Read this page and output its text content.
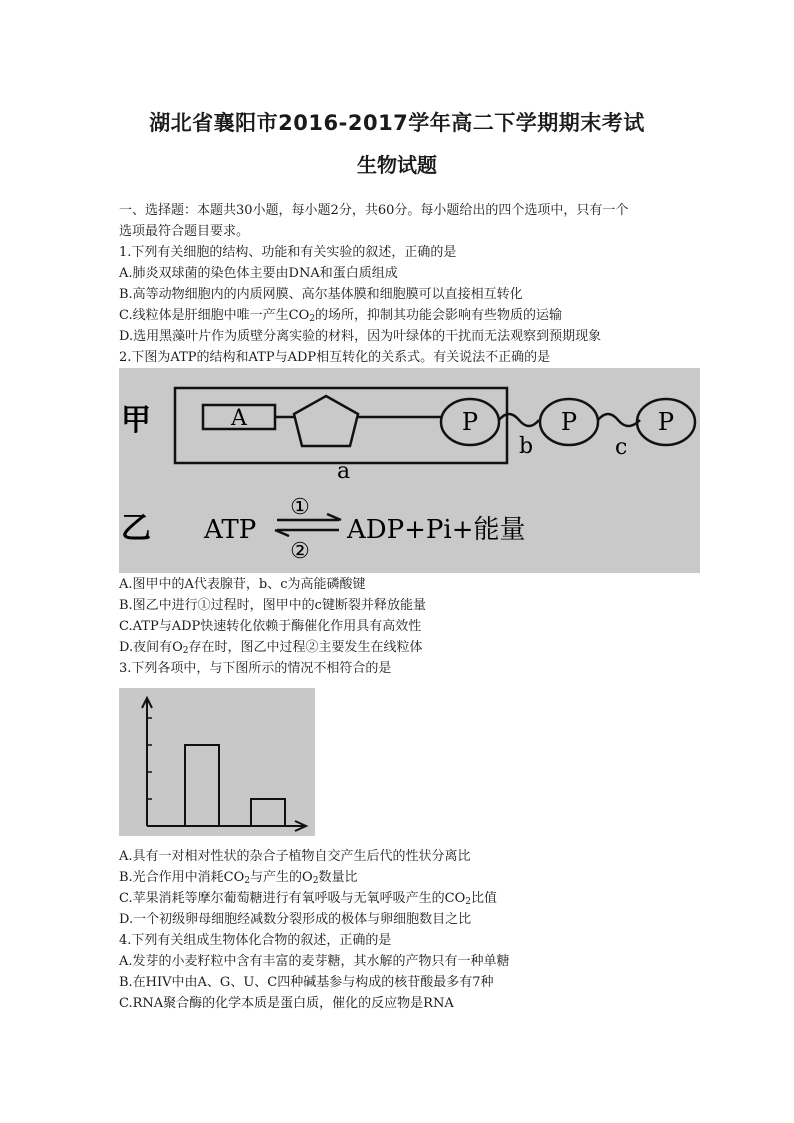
湖北省襄阳市2016-2017学年高二下学期期末考试
生物试题
一、选择题：本题共30小题，每小题2分，共60分。每小题给出的四个选项中，只有一个
选项最符合题目要求。
1.下列有关细胞的结构、功能和有关实验的叙述，正确的是
A.肺炎双球菌的染色体主要由DNA和蛋白质组成
B.高等动物细胞内的内质网膜、高尔基体膜和细胞膜可以直接相互转化
C.线粒体是肝细胞中唯一产生$CO_2$的场所，抑制其功能会影响有些物质的运输
D.选用黑藻叶片作为质壁分离实验的材料，因为叶绿体的干扰而无法观察到预期现象
2.下图为ATP的结构和ATP与ADP相互转化的关系式。有关说法不正确的是
甲	A	P	P	P
a
b	c
乙 ATP
①
②
ADP+Pi+能量
A.图甲中的A代表腺苷，b、c为高能磷酸键
B.图乙中进行①过程时，图甲中的c键断裂并释放能量
C.ATP与ADP快速转化依赖于酶催化作用具有高效性
D.夜间有$O_2$存在时，图乙中过程②主要发生在线粒体
3.下列各项中，与下图所示的情况不相符合的是
A.具有一对相对性状的杂合子植物自交产生后代的性状分离比
B.光合作用中消耗$CO_2$与产生的$O_2$数量比
C.苹果消耗等摩尔葡萄糖进行有氧呼吸与无氧呼吸产生的$CO_2$比值
D.一个初级卵母细胞经减数分裂形成的极体与卵细胞数目之比
4.下列有关组成生物体化合物的叙述，正确的是
A.发芽的小麦籽粒中含有丰富的麦芽糖，其水解的产物只有一种单糖
B.在HIV中由A、G、U、C四种碱基参与构成的核苷酸最多有7种
C.RNA聚合酶的化学本质是蛋白质，催化的反应物是RNA
